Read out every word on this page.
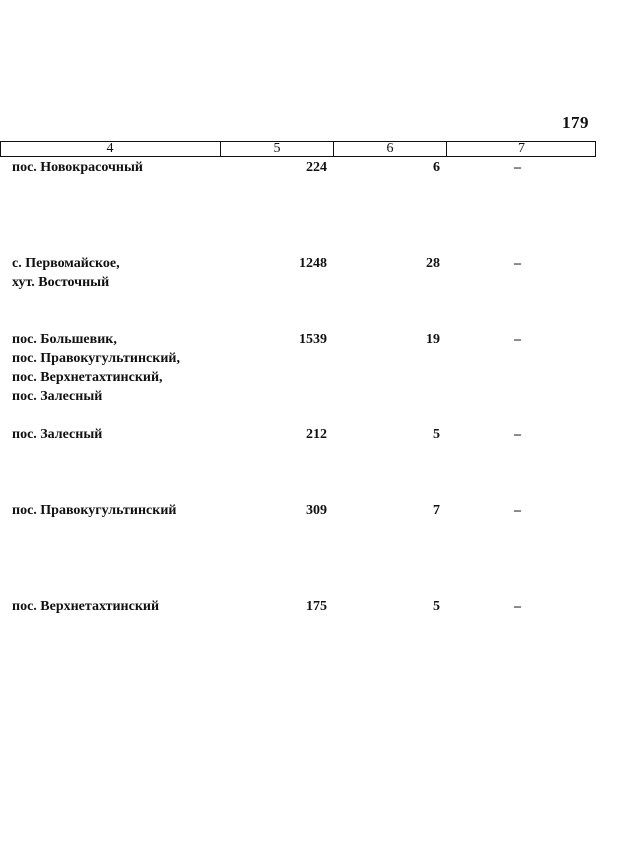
179
4	5	6	7
пос. Новокрасочный	224	6	–
с. Первомайское,
хут. Восточный
1248	28	–
пос. Большевик,
пос. Правокугультинский,
пос. Верхнетахтинский,
пос. Залесный
1539	19	–
пос. Залесный	212	5	–
пос. Правокугультинский	309	7	–
пос. Верхнетахтинский	175	5	–
